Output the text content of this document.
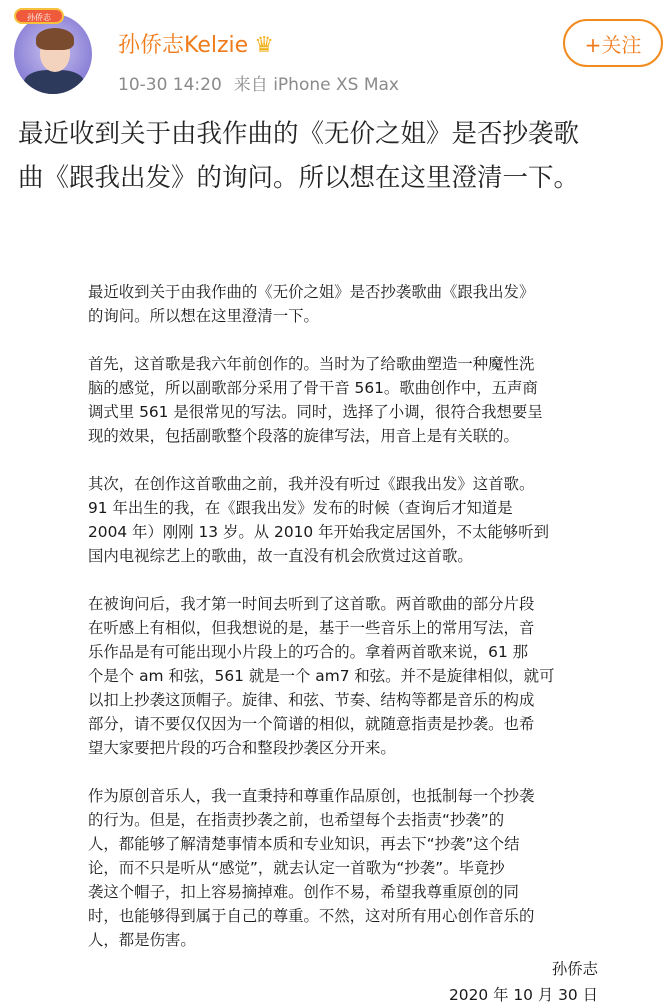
孙侨志
孙侨志Kelzie ♛
10-30 14:20 来自 iPhone XS Max
+关注
最近收到关于由我作曲的《无价之姐》是否抄袭歌
曲《跟我出发》的询问。所以想在这里澄清一下。
最近收到关于由我作曲的《无价之姐》是否抄袭歌曲《跟我出发》
的询问。所以想在这里澄清一下。
首先，这首歌是我六年前创作的。当时为了给歌曲塑造一种魔性洗
脑的感觉，所以副歌部分采用了骨干音 561。歌曲创作中，五声商
调式里 561 是很常见的写法。同时，选择了小调，很符合我想要呈
现的效果，包括副歌整个段落的旋律写法，用音上是有关联的。
其次，在创作这首歌曲之前，我并没有听过《跟我出发》这首歌。
91 年出生的我，在《跟我出发》发布的时候（查询后才知道是
2004 年）刚刚 13 岁。从 2010 年开始我定居国外，不太能够听到
国内电视综艺上的歌曲，故一直没有机会欣赏过这首歌。
在被询问后，我才第一时间去听到了这首歌。两首歌曲的部分片段
在听感上有相似，但我想说的是，基于一些音乐上的常用写法，音
乐作品是有可能出现小片段上的巧合的。拿着两首歌来说，61 那
个是个 am 和弦，561 就是一个 am7 和弦。并不是旋律相似，就可
以扣上抄袭这顶帽子。旋律、和弦、节奏、结构等都是音乐的构成
部分，请不要仅仅因为一个简谱的相似，就随意指责是抄袭。也希
望大家要把片段的巧合和整段抄袭区分开来。
作为原创音乐人，我一直秉持和尊重作品原创，也抵制每一个抄袭
的行为。但是，在指责抄袭之前，也希望每个去指责“抄袭”的
人，都能够了解清楚事情本质和专业知识，再去下“抄袭”这个结
论，而不只是听从“感觉”，就去认定一首歌为“抄袭”。毕竟抄
袭这个帽子，扣上容易摘掉难。创作不易，希望我尊重原创的同
时，也能够得到属于自己的尊重。不然，这对所有用心创作音乐的
人，都是伤害。
孙侨志
2020 年 10 月 30 日
